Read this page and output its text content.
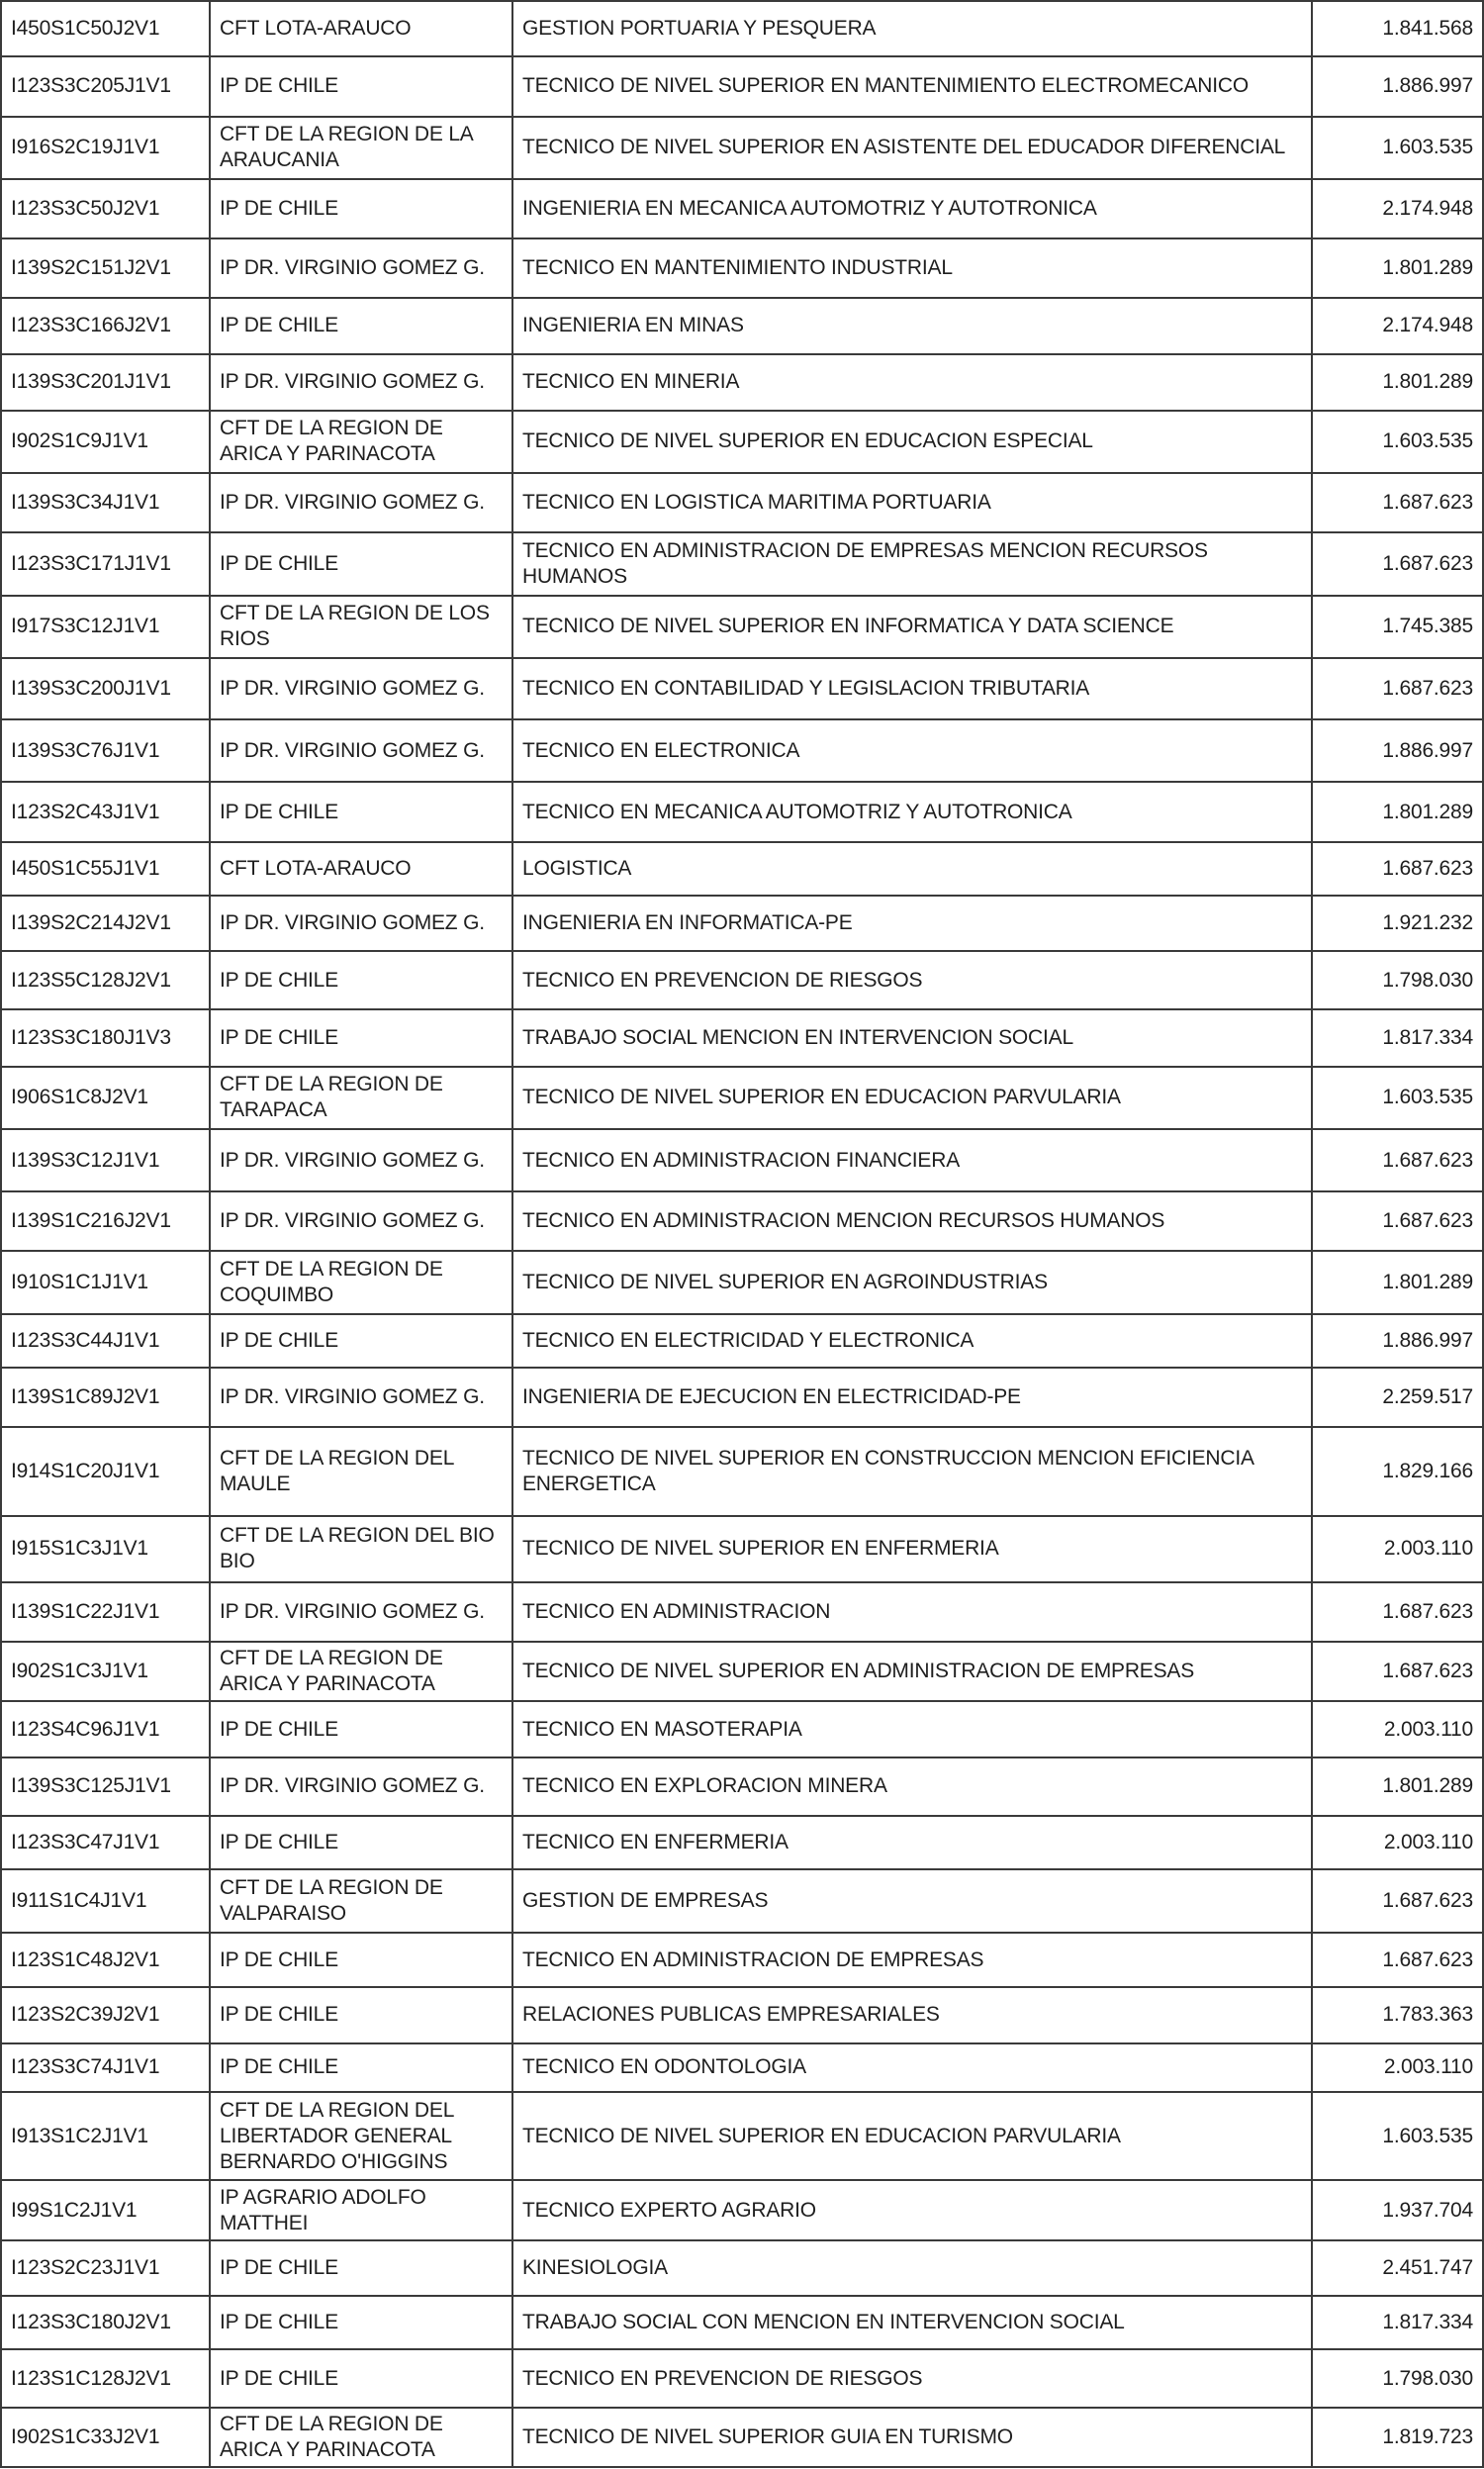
I450S1C50J2V1	CFT LOTA-ARAUCO	GESTION PORTUARIA Y PESQUERA	1.841.568
I123S3C205J1V1	IP DE CHILE	TECNICO DE NIVEL SUPERIOR EN MANTENIMIENTO ELECTROMECANICO	1.886.997
I916S2C19J1V1	CFT DE LA REGION DE LA ARAUCANIA	TECNICO DE NIVEL SUPERIOR EN ASISTENTE DEL EDUCADOR DIFERENCIAL	1.603.535
I123S3C50J2V1	IP DE CHILE	INGENIERIA EN MECANICA AUTOMOTRIZ Y AUTOTRONICA	2.174.948
I139S2C151J2V1	IP DR. VIRGINIO GOMEZ G.	TECNICO EN MANTENIMIENTO INDUSTRIAL	1.801.289
I123S3C166J2V1	IP DE CHILE	INGENIERIA EN MINAS	2.174.948
I139S3C201J1V1	IP DR. VIRGINIO GOMEZ G.	TECNICO EN MINERIA	1.801.289
I902S1C9J1V1	CFT DE LA REGION DE ARICA Y PARINACOTA	TECNICO DE NIVEL SUPERIOR EN EDUCACION ESPECIAL	1.603.535
I139S3C34J1V1	IP DR. VIRGINIO GOMEZ G.	TECNICO EN LOGISTICA MARITIMA PORTUARIA	1.687.623
I123S3C171J1V1	IP DE CHILE	TECNICO EN ADMINISTRACION DE EMPRESAS MENCION RECURSOS HUMANOS	1.687.623
I917S3C12J1V1	CFT DE LA REGION DE LOS RIOS	TECNICO DE NIVEL SUPERIOR EN INFORMATICA Y DATA SCIENCE	1.745.385
I139S3C200J1V1	IP DR. VIRGINIO GOMEZ G.	TECNICO EN CONTABILIDAD Y LEGISLACION TRIBUTARIA	1.687.623
I139S3C76J1V1	IP DR. VIRGINIO GOMEZ G.	TECNICO EN ELECTRONICA	1.886.997
I123S2C43J1V1	IP DE CHILE	TECNICO EN MECANICA AUTOMOTRIZ Y AUTOTRONICA	1.801.289
I450S1C55J1V1	CFT LOTA-ARAUCO	LOGISTICA	1.687.623
I139S2C214J2V1	IP DR. VIRGINIO GOMEZ G.	INGENIERIA EN INFORMATICA-PE	1.921.232
I123S5C128J2V1	IP DE CHILE	TECNICO EN PREVENCION DE RIESGOS	1.798.030
I123S3C180J1V3	IP DE CHILE	TRABAJO SOCIAL MENCION EN INTERVENCION SOCIAL	1.817.334
I906S1C8J2V1	CFT DE LA REGION DE TARAPACA	TECNICO DE NIVEL SUPERIOR EN EDUCACION PARVULARIA	1.603.535
I139S3C12J1V1	IP DR. VIRGINIO GOMEZ G.	TECNICO EN ADMINISTRACION FINANCIERA	1.687.623
I139S1C216J2V1	IP DR. VIRGINIO GOMEZ G.	TECNICO EN ADMINISTRACION MENCION RECURSOS HUMANOS	1.687.623
I910S1C1J1V1	CFT DE LA REGION DE COQUIMBO	TECNICO DE NIVEL SUPERIOR EN AGROINDUSTRIAS	1.801.289
I123S3C44J1V1	IP DE CHILE	TECNICO EN ELECTRICIDAD Y ELECTRONICA	1.886.997
I139S1C89J2V1	IP DR. VIRGINIO GOMEZ G.	INGENIERIA DE EJECUCION EN ELECTRICIDAD-PE	2.259.517
I914S1C20J1V1	CFT DE LA REGION DEL MAULE	TECNICO DE NIVEL SUPERIOR EN CONSTRUCCION MENCION EFICIENCIA ENERGETICA	1.829.166
I915S1C3J1V1	CFT DE LA REGION DEL BIO BIO	TECNICO DE NIVEL SUPERIOR EN ENFERMERIA	2.003.110
I139S1C22J1V1	IP DR. VIRGINIO GOMEZ G.	TECNICO EN ADMINISTRACION	1.687.623
I902S1C3J1V1	CFT DE LA REGION DE ARICA Y PARINACOTA	TECNICO DE NIVEL SUPERIOR EN ADMINISTRACION DE EMPRESAS	1.687.623
I123S4C96J1V1	IP DE CHILE	TECNICO EN MASOTERAPIA	2.003.110
I139S3C125J1V1	IP DR. VIRGINIO GOMEZ G.	TECNICO EN EXPLORACION MINERA	1.801.289
I123S3C47J1V1	IP DE CHILE	TECNICO EN ENFERMERIA	2.003.110
I911S1C4J1V1	CFT DE LA REGION DE VALPARAISO	GESTION DE EMPRESAS	1.687.623
I123S1C48J2V1	IP DE CHILE	TECNICO EN ADMINISTRACION DE EMPRESAS	1.687.623
I123S2C39J2V1	IP DE CHILE	RELACIONES PUBLICAS EMPRESARIALES	1.783.363
I123S3C74J1V1	IP DE CHILE	TECNICO EN ODONTOLOGIA	2.003.110
I913S1C2J1V1	CFT DE LA REGION DEL LIBERTADOR GENERAL BERNARDO O'HIGGINS	TECNICO DE NIVEL SUPERIOR EN EDUCACION PARVULARIA	1.603.535
I99S1C2J1V1	IP AGRARIO ADOLFO MATTHEI	TECNICO EXPERTO AGRARIO	1.937.704
I123S2C23J1V1	IP DE CHILE	KINESIOLOGIA	2.451.747
I123S3C180J2V1	IP DE CHILE	TRABAJO SOCIAL CON MENCION EN INTERVENCION SOCIAL	1.817.334
I123S1C128J2V1	IP DE CHILE	TECNICO EN PREVENCION DE RIESGOS	1.798.030
I902S1C33J2V1	CFT DE LA REGION DE ARICA Y PARINACOTA	TECNICO DE NIVEL SUPERIOR GUIA EN TURISMO	1.819.723
